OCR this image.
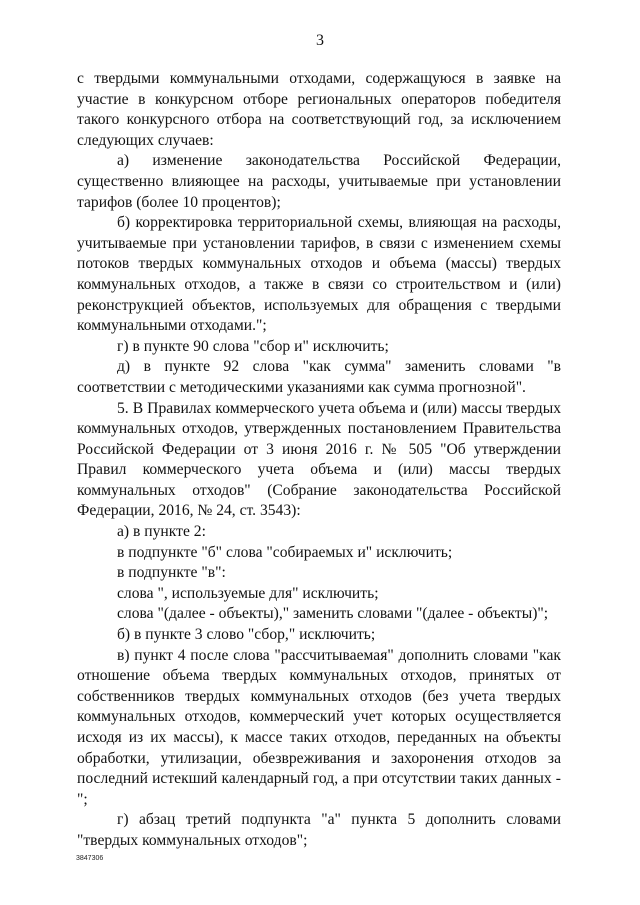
3

с твердыми коммунальными отходами, содержащуюся в заявке на участие в конкурсном отборе региональных операторов победителя такого конкурсного отбора на соответствующий год, за исключением следующих случаев:

а) изменение законодательства Российской Федерации, существенно влияющее на расходы, учитываемые при установлении тарифов (более 10 процентов);

б) корректировка территориальной схемы, влияющая на расходы, учитываемые при установлении тарифов, в связи с изменением схемы потоков твердых коммунальных отходов и объема (массы) твердых коммунальных отходов, а также в связи со строительством и (или) реконструкцией объектов, используемых для обращения с твердыми коммунальными отходами.";

г) в пункте 90 слова "сбор и" исключить;

д) в пункте 92 слова "как сумма" заменить словами "в соответствии с методическими указаниями как сумма прогнозной".

5. В Правилах коммерческого учета объема и (или) массы твердых коммунальных отходов, утвержденных постановлением Правительства Российской Федерации от 3 июня 2016 г. № 505 "Об утверждении Правил коммерческого учета объема и (или) массы твердых коммунальных отходов" (Собрание законодательства Российской Федерации, 2016, № 24, ст. 3543):

а) в пункте 2:

в подпункте "б" слова "собираемых и" исключить;

в подпункте "в":

слова ", используемые для" исключить;

слова "(далее - объекты)," заменить словами "(далее - объекты)";

б) в пункте 3 слово "сбор," исключить;

в) пункт 4 после слова "рассчитываемая" дополнить словами "как отношение объема твердых коммунальных отходов, принятых от собственников твердых коммунальных отходов (без учета твердых коммунальных отходов, коммерческий учет которых осуществляется исходя из их массы), к массе таких отходов, переданных на объекты обработки, утилизации, обезвреживания и захоронения отходов за последний истекший календарный год, а при отсутствии таких данных -";

г) абзац третий подпункта "а" пункта 5 дополнить словами "твердых коммунальных отходов";

3847306
